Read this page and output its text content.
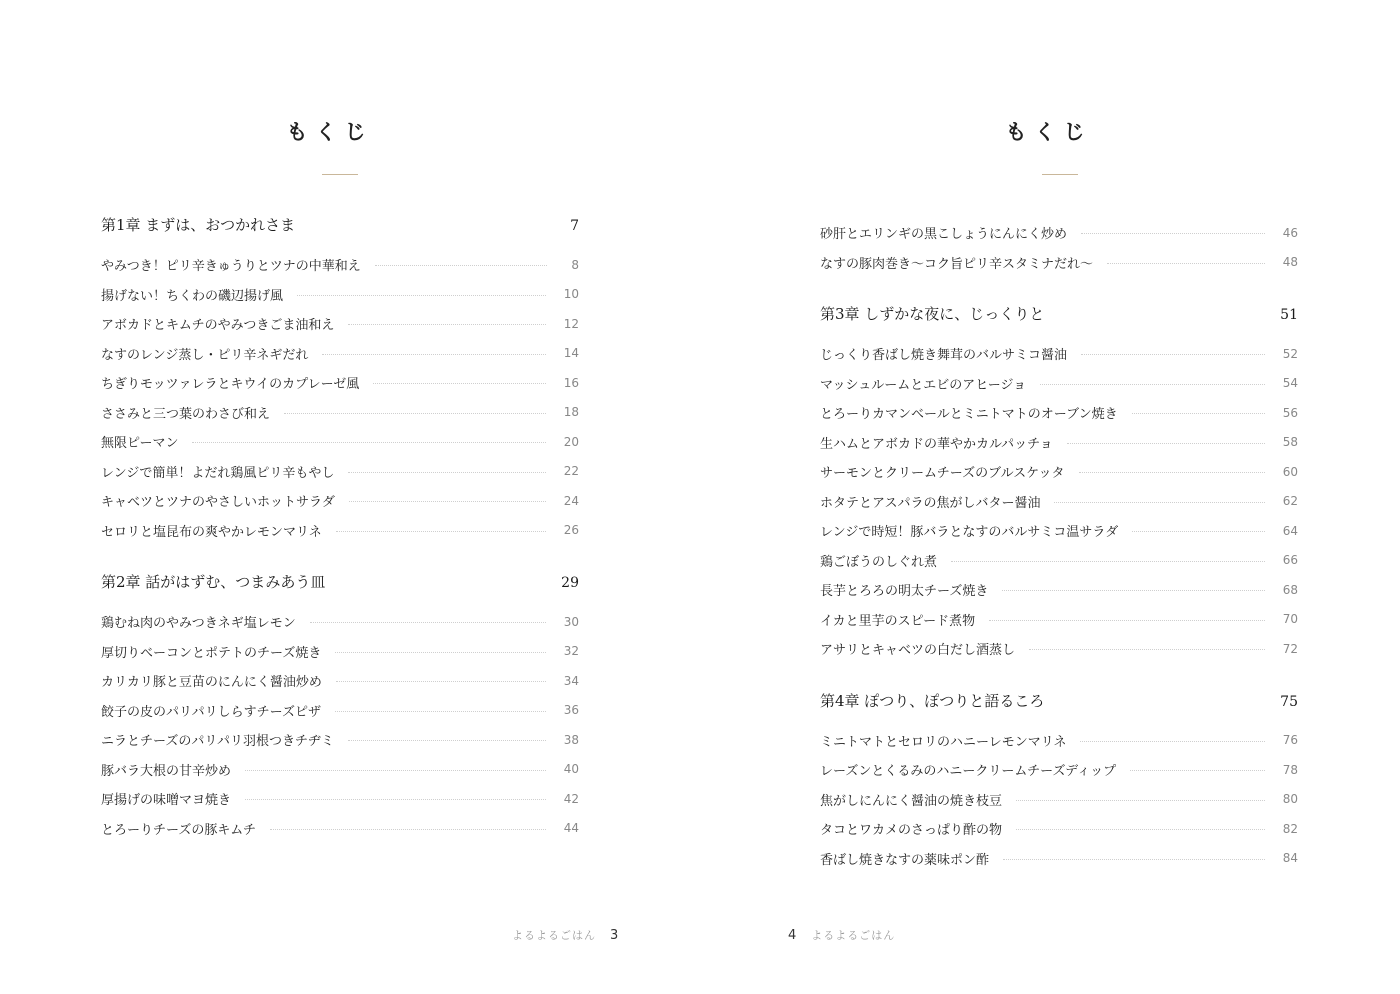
もくじ
第1章 まずは、おつかれさま	7
やみつき！ピリ辛きゅうりとツナの中華和え	8
揚げない！ちくわの磯辺揚げ風	10
アボカドとキムチのやみつきごま油和え	12
なすのレンジ蒸し・ピリ辛ネギだれ	14
ちぎりモッツァレラとキウイのカプレーゼ風	16
ささみと三つ葉のわさび和え	18
無限ピーマン	20
レンジで簡単！よだれ鶏風ピリ辛もやし	22
キャベツとツナのやさしいホットサラダ	24
セロリと塩昆布の爽やかレモンマリネ	26
第2章 話がはずむ、つまみあう皿	29
鶏むね肉のやみつきネギ塩レモン	30
厚切りベーコンとポテトのチーズ焼き	32
カリカリ豚と豆苗のにんにく醤油炒め	34
餃子の皮のパリパリしらすチーズピザ	36
ニラとチーズのパリパリ羽根つきチヂミ	38
豚バラ大根の甘辛炒め	40
厚揚げの味噌マヨ焼き	42
とろーりチーズの豚キムチ	44
よるよるごはん 3
もくじ
砂肝とエリンギの黒こしょうにんにく炒め	46
なすの豚肉巻き〜コク旨ピリ辛スタミナだれ〜	48
第3章 しずかな夜に、じっくりと	51
じっくり香ばし焼き舞茸のバルサミコ醤油	52
マッシュルームとエビのアヒージョ	54
とろーりカマンベールとミニトマトのオーブン焼き	56
生ハムとアボカドの華やかカルパッチョ	58
サーモンとクリームチーズのブルスケッタ	60
ホタテとアスパラの焦がしバター醤油	62
レンジで時短！豚バラとなすのバルサミコ温サラダ	64
鶏ごぼうのしぐれ煮	66
長芋とろろの明太チーズ焼き	68
イカと里芋のスピード煮物	70
アサリとキャベツの白だし酒蒸し	72
第4章 ぽつり、ぽつりと語るころ	75
ミニトマトとセロリのハニーレモンマリネ	76
レーズンとくるみのハニークリームチーズディップ	78
焦がしにんにく醤油の焼き枝豆	80
タコとワカメのさっぱり酢の物	82
香ばし焼きなすの薬味ポン酢	84
4 よるよるごはん
